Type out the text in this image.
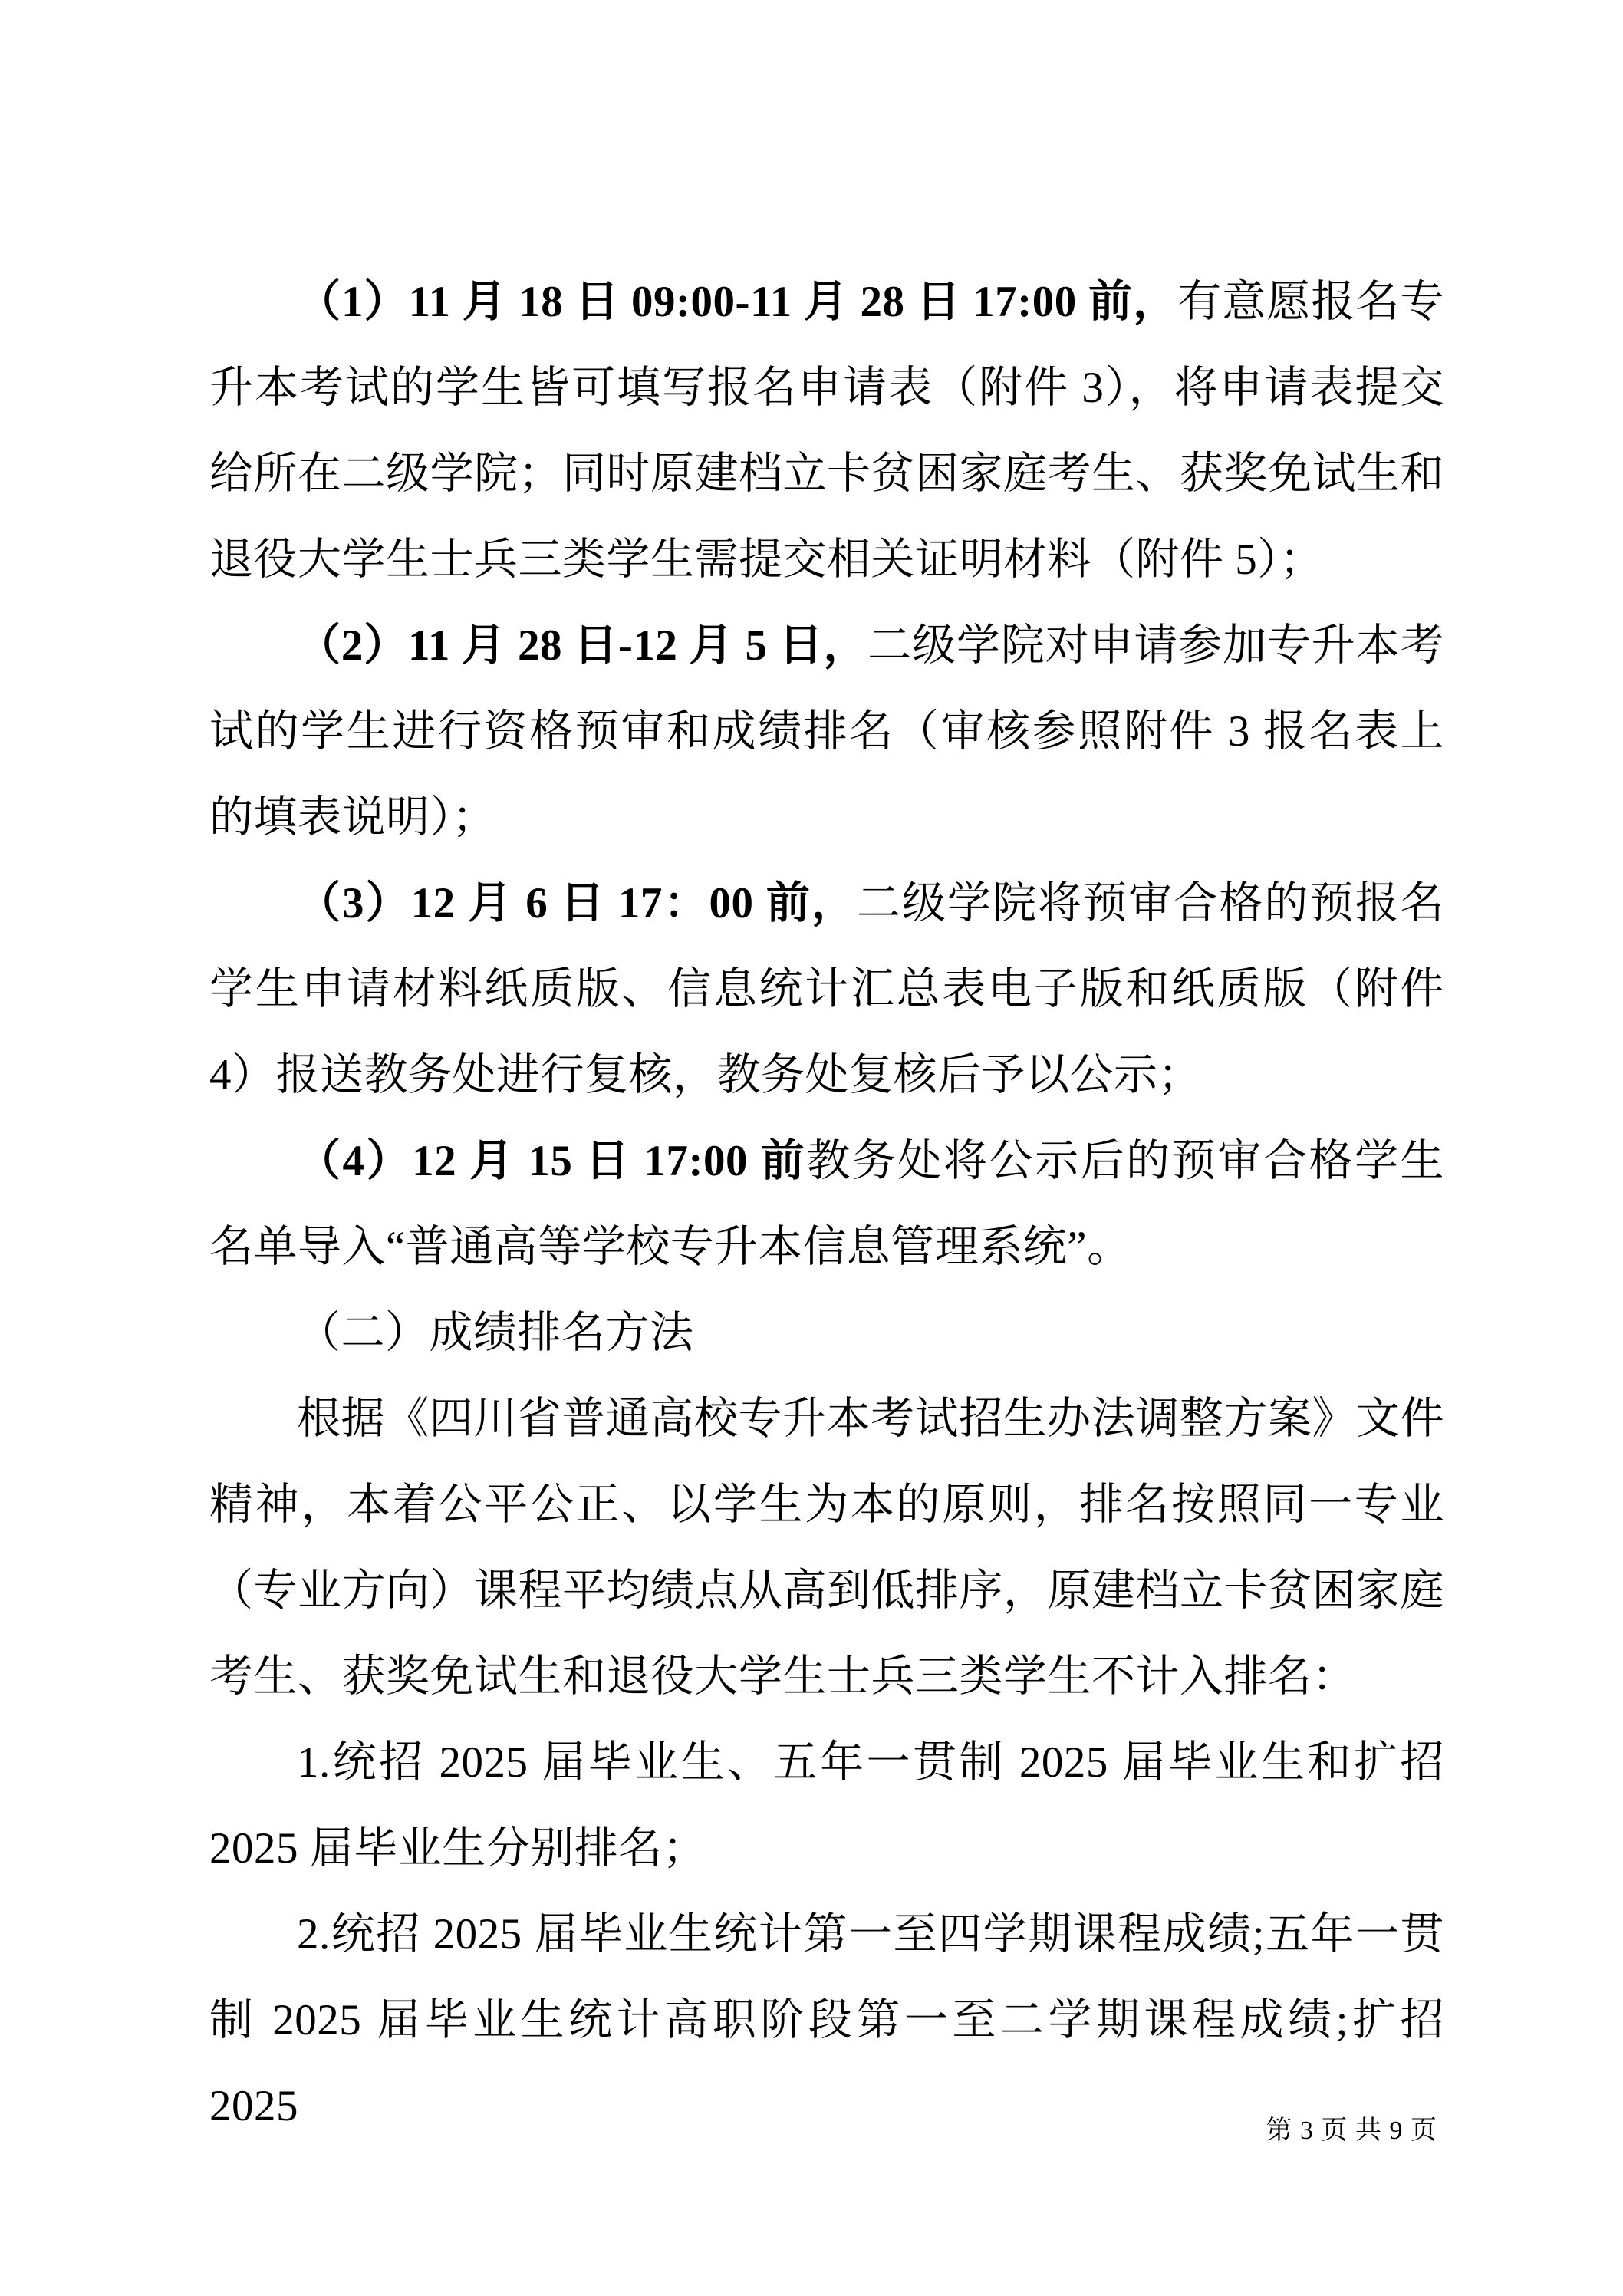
（1）11 月 18 日 09:00-11 月 28 日 17:00 前，有意愿报名专升本考试的学生皆可填写报名申请表（附件 3），将申请表提交给所在二级学院；同时原建档立卡贫困家庭考生、获奖免试生和退役大学生士兵三类学生需提交相关证明材料（附件 5）；

（2）11 月 28 日-12 月 5 日，二级学院对申请参加专升本考试的学生进行资格预审和成绩排名（审核参照附件 3 报名表上的填表说明）；

（3）12 月 6 日 17：00 前，二级学院将预审合格的预报名学生申请材料纸质版、信息统计汇总表电子版和纸质版（附件 4）报送教务处进行复核，教务处复核后予以公示；

（4）12 月 15 日 17:00 前教务处将公示后的预审合格学生名单导入“普通高等学校专升本信息管理系统”。

（二）成绩排名方法

根据《四川省普通高校专升本考试招生办法调整方案》文件精神，本着公平公正、以学生为本的原则，排名按照同一专业（专业方向）课程平均绩点从高到低排序，原建档立卡贫困家庭考生、获奖免试生和退役大学生士兵三类学生不计入排名：

1.统招 2025 届毕业生、五年一贯制 2025 届毕业生和扩招 2025 届毕业生分别排名；

2.统招 2025 届毕业生统计第一至四学期课程成绩;五年一贯制 2025 届毕业生统计高职阶段第一至二学期课程成绩;扩招 2025

第 3 页 共 9 页
